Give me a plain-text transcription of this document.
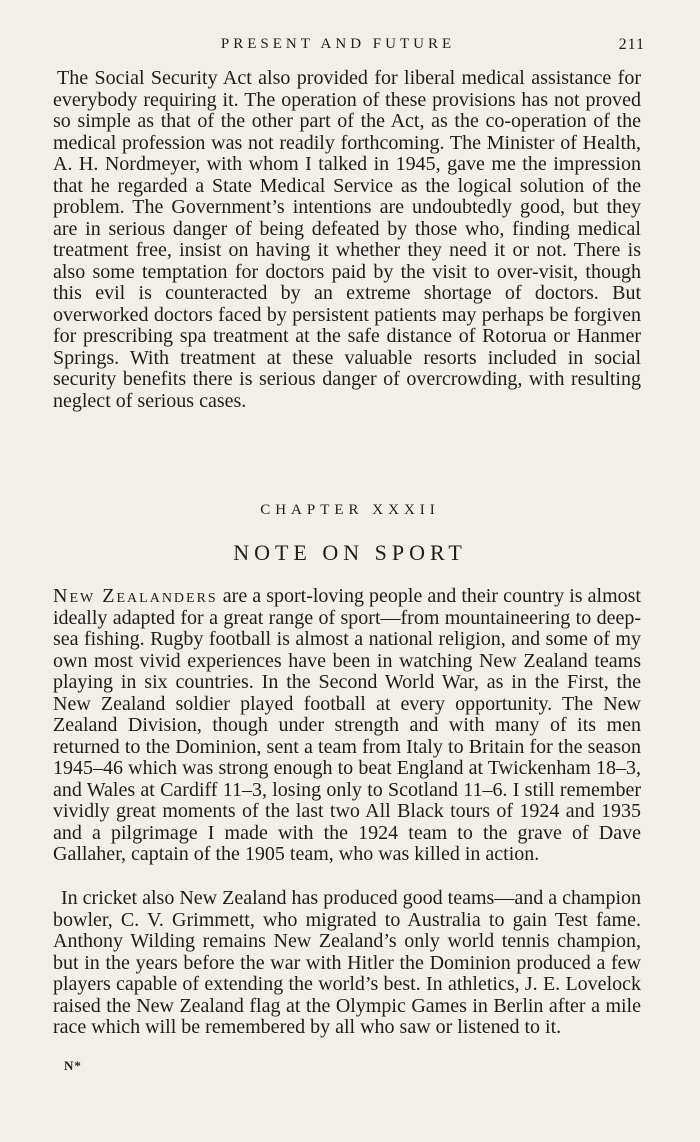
PRESENT AND FUTURE	211

The Social Security Act also provided for liberal medical assistance for everybody requiring it. The operation of these provisions has not proved so simple as that of the other part of the Act, as the co-operation of the medical profession was not readily forthcoming. The Minister of Health, A. H. Nordmeyer, with whom I talked in 1945, gave me the impression that he regarded a State Medical Service as the logical solution of the problem. The Government’s intentions are undoubtedly good, but they are in serious danger of being defeated by those who, finding medical treatment free, insist on having it whether they need it or not. There is also some temptation for doctors paid by the visit to over-visit, though this evil is counteracted by an extreme shortage of doctors. But overworked doctors faced by persistent patients may perhaps be forgiven for prescribing spa treatment at the safe distance of Rotorua or Hanmer Springs. With treatment at these valuable resorts included in social security benefits there is serious danger of overcrowding, with resulting neglect of serious cases.

CHAPTER XXXII
NOTE ON SPORT

New Zealanders are a sport-loving people and their country is almost ideally adapted for a great range of sport—from mountaineering to deep-sea fishing. Rugby football is almost a national religion, and some of my own most vivid experiences have been in watching New Zealand teams playing in six countries. In the Second World War, as in the First, the New Zealand soldier played football at every opportunity. The New Zealand Division, though under strength and with many of its men returned to the Dominion, sent a team from Italy to Britain for the season 1945–46 which was strong enough to beat England at Twickenham 18–3, and Wales at Cardiff 11–3, losing only to Scotland 11–6. I still remember vividly great moments of the last two All Black tours of 1924 and 1935 and a pilgrimage I made with the 1924 team to the grave of Dave Gallaher, captain of the 1905 team, who was killed in action.

In cricket also New Zealand has produced good teams—and a champion bowler, C. V. Grimmett, who migrated to Australia to gain Test fame. Anthony Wilding remains New Zealand’s only world tennis champion, but in the years before the war with Hitler the Dominion produced a few players capable of extending the world’s best. In athletics, J. E. Lovelock raised the New Zealand flag at the Olympic Games in Berlin after a mile race which will be remembered by all who saw or listened to it.

N*
